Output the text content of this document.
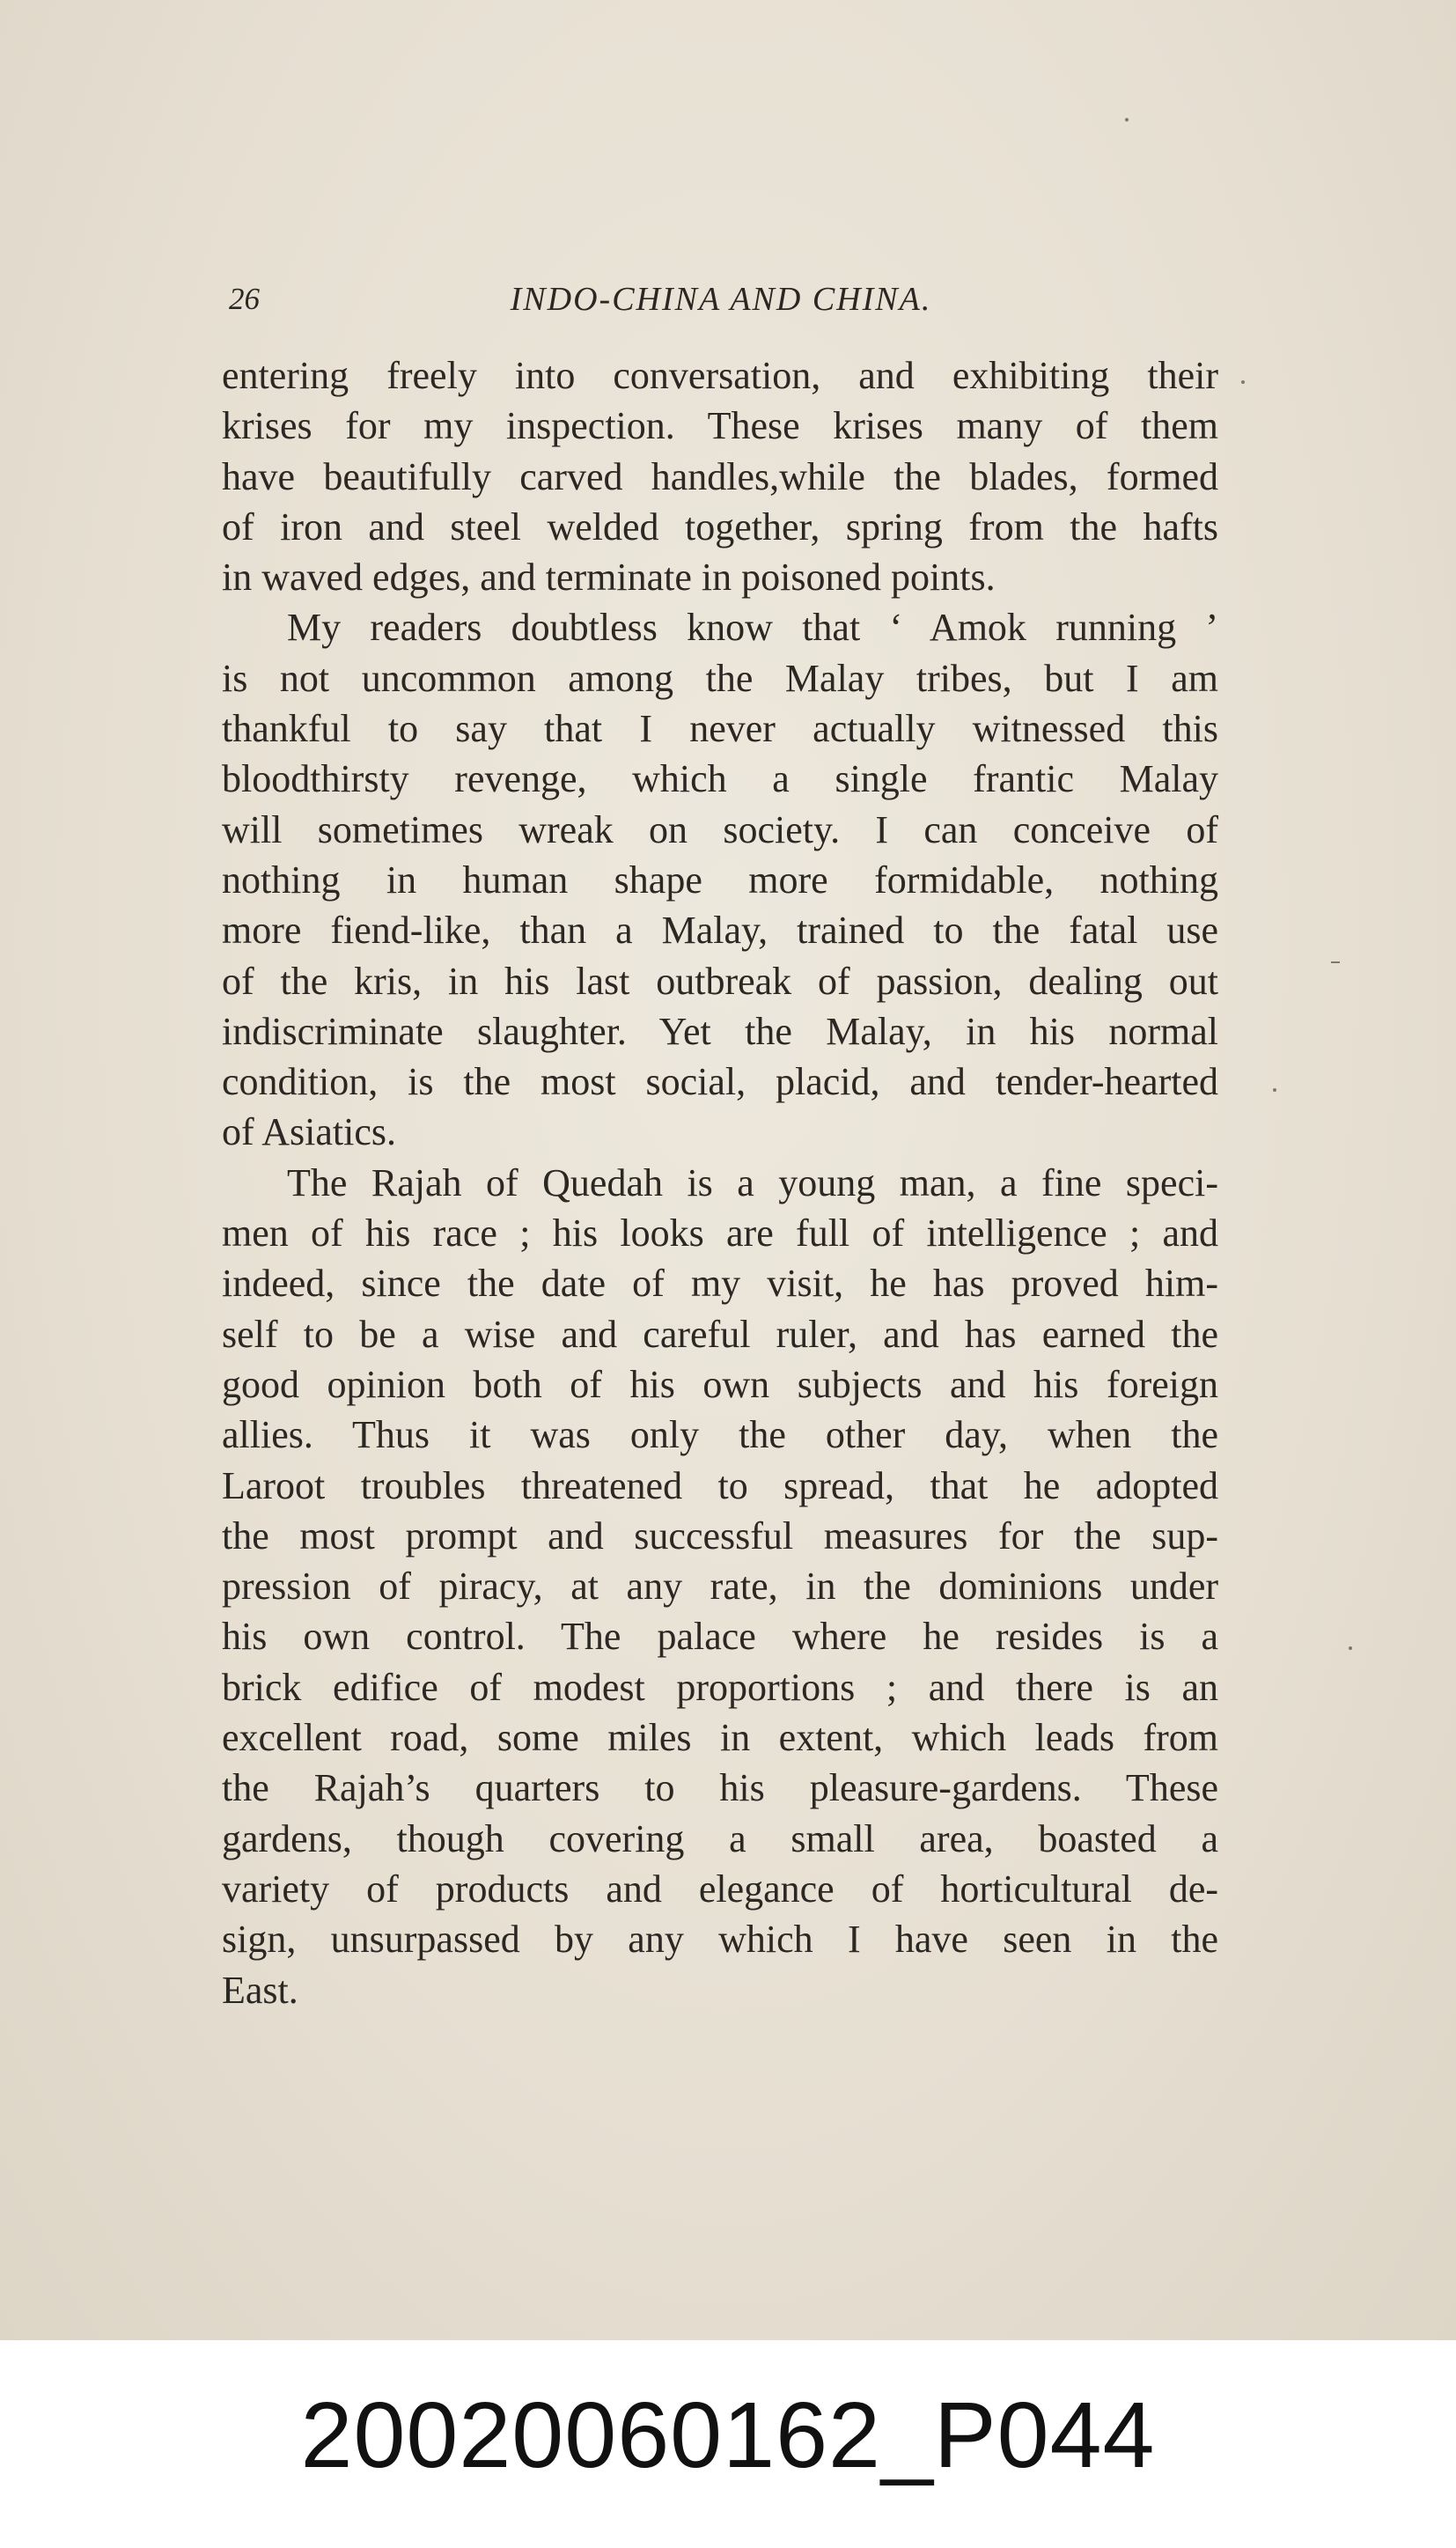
26	INDO-CHINA AND CHINA.
entering freely into conversation, and exhibiting their
krises for my inspection. These krises many of them
have beautifully carved handles,while the blades, formed
of iron and steel welded together, spring from the hafts
in waved edges, and terminate in poisoned points.
My readers doubtless know that ‘ Amok running ’
is not uncommon among the Malay tribes, but I am
thankful to say that I never actually witnessed this
bloodthirsty revenge, which a single frantic Malay
will sometimes wreak on society. I can conceive of
nothing in human shape more formidable, nothing
more fiend-like, than a Malay, trained to the fatal use
of the kris, in his last outbreak of passion, dealing out
indiscriminate slaughter. Yet the Malay, in his normal
condition, is the most social, placid, and tender-hearted
of Asiatics.
The Rajah of Quedah is a young man, a fine speci-
men of his race ; his looks are full of intelligence ; and
indeed, since the date of my visit, he has proved him-
self to be a wise and careful ruler, and has earned the
good opinion both of his own subjects and his foreign
allies. Thus it was only the other day, when the
Laroot troubles threatened to spread, that he adopted
the most prompt and successful measures for the sup-
pression of piracy, at any rate, in the dominions under
his own control. The palace where he resides is a
brick edifice of modest proportions ; and there is an
excellent road, some miles in extent, which leads from
the Rajah’s quarters to his pleasure-gardens. These
gardens, though covering a small area, boasted a
variety of products and elegance of horticultural de-
sign, unsurpassed by any which I have seen in the
East.
20020060162_P044
